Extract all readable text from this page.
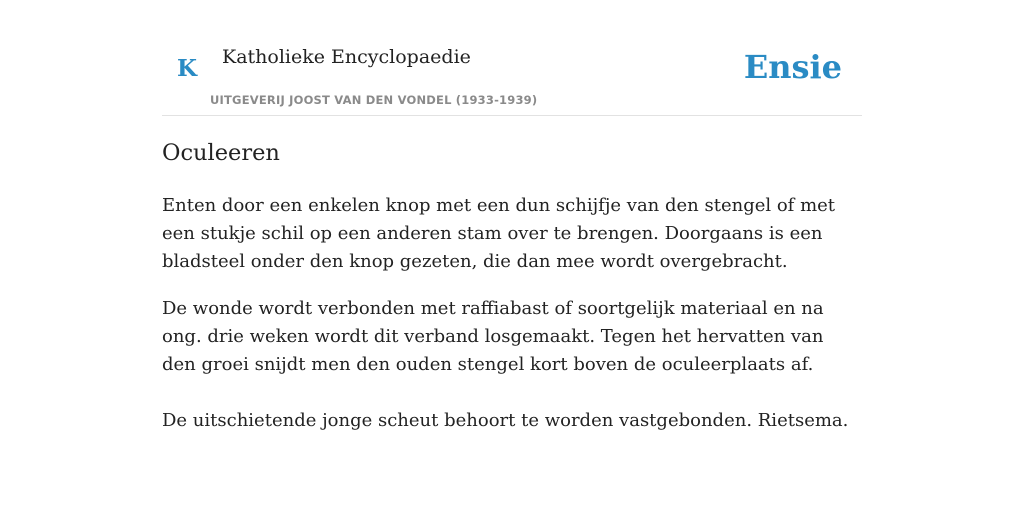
K Katholieke Encyclopaedie
UITGEVERIJ JOOST VAN DEN VONDEL (1933-1939)
Ensie
Oculeeren

Enten door een enkelen knop met een dun schijfje van den stengel of met een stukje schil op een anderen stam over te brengen. Doorgaans is een bladsteel onder den knop gezeten, die dan mee wordt overgebracht.

De wonde wordt verbonden met raffiabast of soortgelijk materiaal en na ong. drie weken wordt dit verband losgemaakt. Tegen het hervatten van den groei snijdt men den ouden stengel kort boven de oculeerplaats af.

De uitschietende jonge scheut behoort te worden vastgebonden. Rietsema.
